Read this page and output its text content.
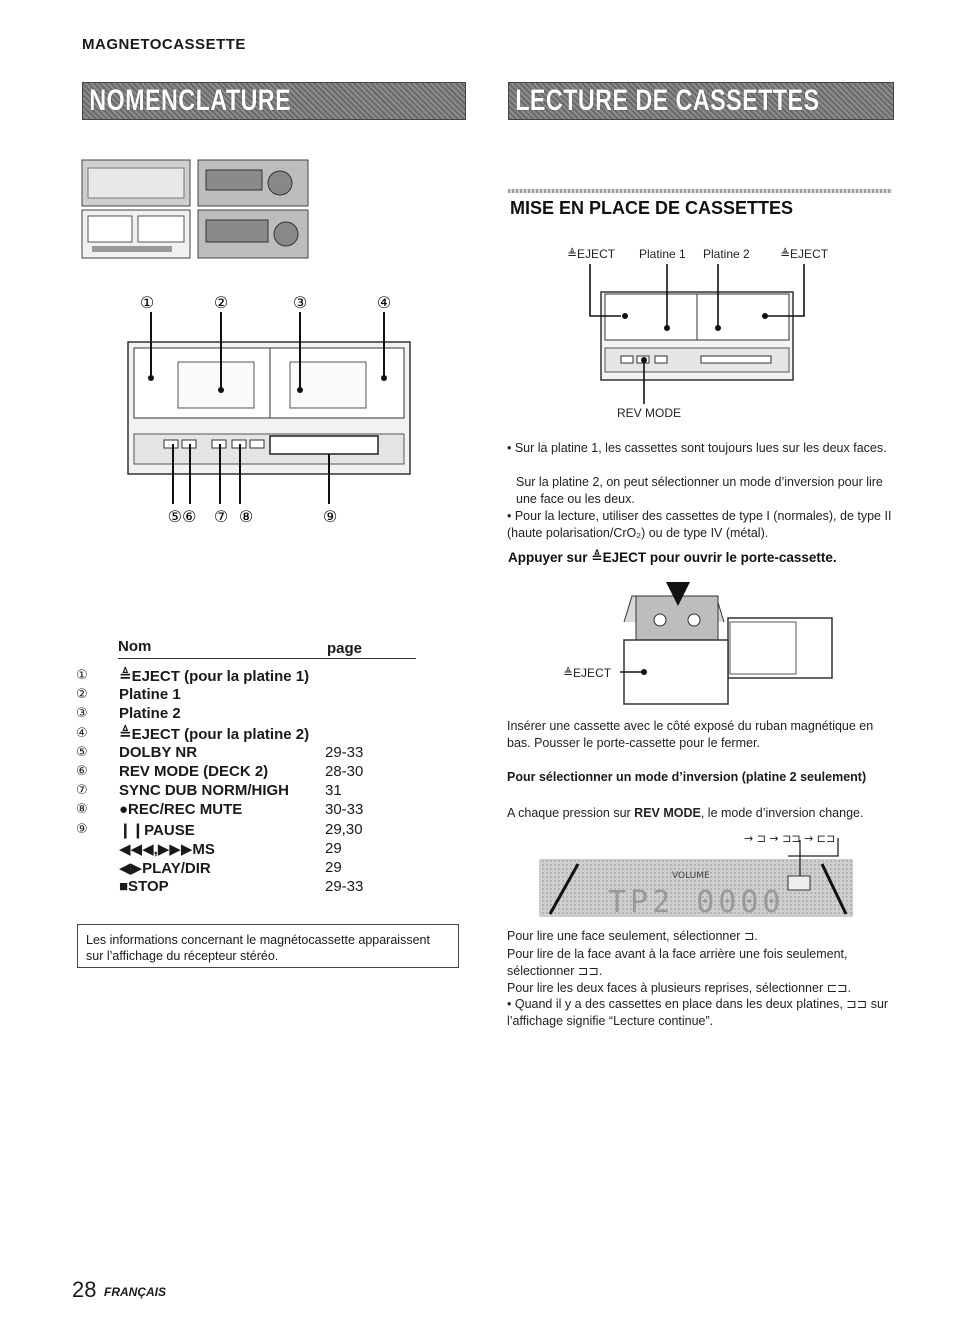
MAGNETOCASSETTE
NOMENCLATURE	LECTURE DE CASSETTES
①	②	③	④
⑤⑥ ⑦ ⑧	⑨
Nom	page
①	≜EJECT (pour la platine 1)
②	Platine 1
③	Platine 2
④	≜EJECT (pour la platine 2)
⑤	DOLBY NR	29-33
⑥	REV MODE (DECK 2)	28-30
⑦	SYNC DUB NORM/HIGH 31
⑧	●REC/REC MUTE	30-33
⑨	❙❙PAUSE	29,30
◀◀◀,▶▶▶MS	29
◀▶PLAY/DIR	29
■STOP	29-33
Les informations concernant le magnétocassette apparaissent sur l’affichage du récepteur stéréo.
MISE EN PLACE DE CASSETTES
≜EJECT Platine 1 Platine 2	≜EJECT
REV MODE
• Sur la platine 1, les cassettes sont toujours lues sur les deux faces.
Sur la platine 2, on peut sélectionner un mode d’inversion pour lire une face ou les deux.
• Pour la lecture, utiliser des cassettes de type I (normales), de type II (haute polarisation/CrO₂) ou de type IV (métal).
Appuyer sur ≜EJECT pour ouvrir le porte-cassette.
≜EJECT
Insérer une cassette avec le côté exposé du ruban magnétique en bas. Pousser le porte-cassette pour le fermer.
Pour sélectionner un mode d’inversion (platine 2 seulement)
A chaque pression sur REV MODE, le mode d’inversion change.
→ ⊐ → ⊐⊐ → ⊏⊐
VOLUME
TP2 0000
Pour lire une face seulement, sélectionner ⊐.
Pour lire de la face avant à la face arrière une fois seulement, sélectionner ⊐⊐.
Pour lire les deux faces à plusieurs reprises, sélectionner ⊏⊐.
• Quand il y a des cassettes en place dans les deux platines, ⊐⊐ sur l’affichage signifie “Lecture continue”.
28 FRANÇAIS
